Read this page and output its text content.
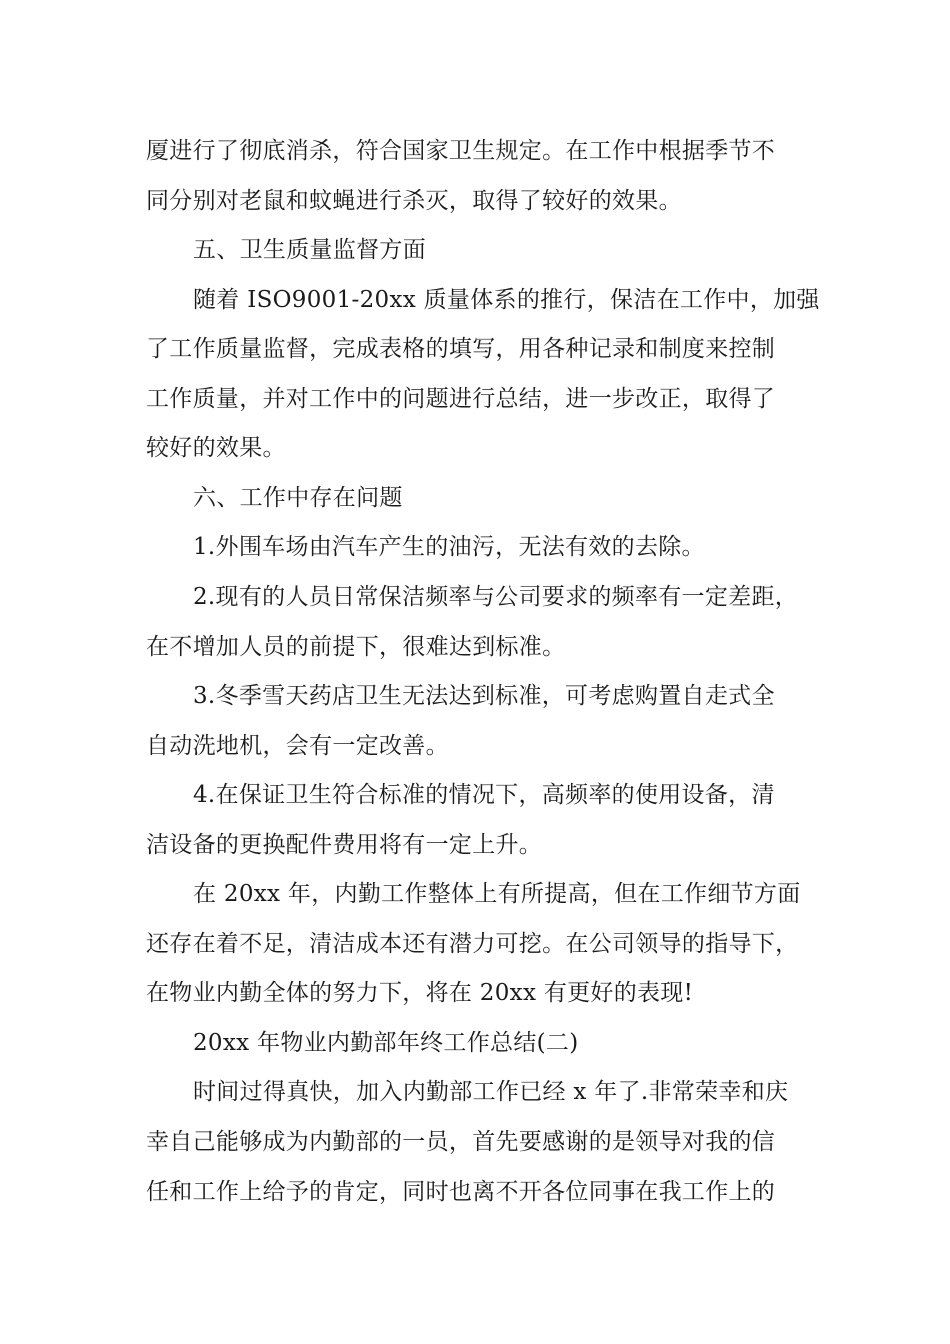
厦进行了彻底消杀，符合国家卫生规定。在工作中根据季节不
同分别对老鼠和蚊蝇进行杀灭，取得了较好的效果。
五、卫生质量监督方面
随着 ISO9001-20xx 质量体系的推行，保洁在工作中，加强
了工作质量监督，完成表格的填写，用各种记录和制度来控制
工作质量，并对工作中的问题进行总结，进一步改正，取得了
较好的效果。
六、工作中存在问题
1.外围车场由汽车产生的油污，无法有效的去除。
2.现有的人员日常保洁频率与公司要求的频率有一定差距，
在不增加人员的前提下，很难达到标准。
3.冬季雪天药店卫生无法达到标准，可考虑购置自走式全
自动洗地机，会有一定改善。
4.在保证卫生符合标准的情况下，高频率的使用设备，清
洁设备的更换配件费用将有一定上升。
在 20xx 年，内勤工作整体上有所提高，但在工作细节方面
还存在着不足，清洁成本还有潜力可挖。在公司领导的指导下，
在物业内勤全体的努力下，将在 20xx 有更好的表现!
20xx 年物业内勤部年终工作总结(二)
时间过得真快，加入内勤部工作已经 x 年了.非常荣幸和庆
幸自己能够成为内勤部的一员，首先要感谢的是领导对我的信
任和工作上给予的肯定，同时也离不开各位同事在我工作上的
